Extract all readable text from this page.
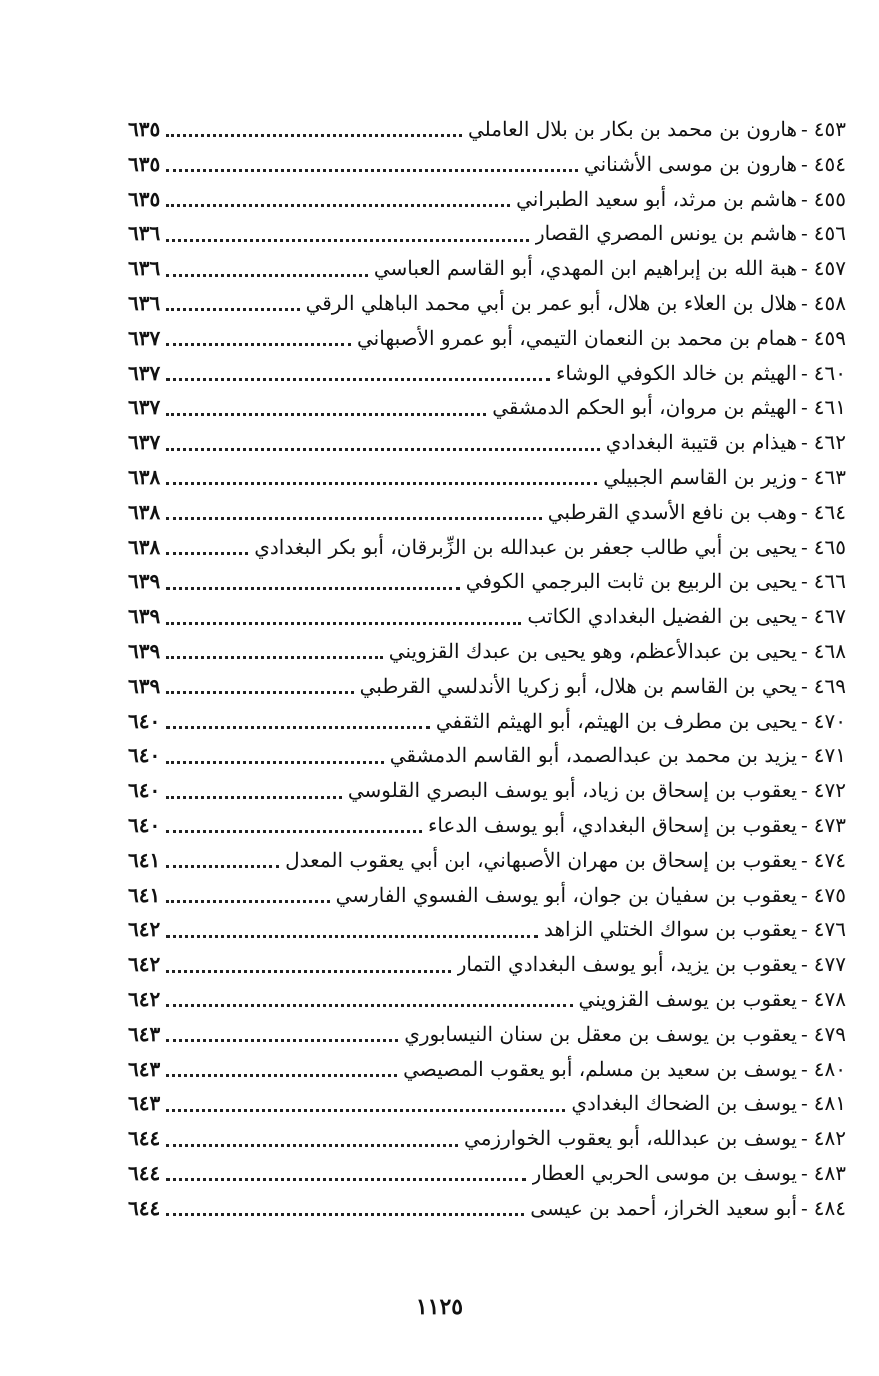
٤٥٣
-
هارون بن محمد بن بكار بن بلال العاملي
٦٣٥
٤٥٤
-
هارون بن موسى الأشناني
٦٣٥
٤٥٥
-
هاشم بن مرثد، أبو سعيد الطبراني
٦٣٥
٤٥٦
-
هاشم بن يونس المصري القصار
٦٣٦
٤٥٧
-
هبة الله بن إبراهيم ابن المهدي، أبو القاسم العباسي
٦٣٦
٤٥٨
-
هلال بن العلاء بن هلال، أبو عمر بن أبي محمد الباهلي الرقي
٦٣٦
٤٥٩
-
همام بن محمد بن النعمان التيمي، أبو عمرو الأصبهاني
٦٣٧
٤٦٠
-
الهيثم بن خالد الكوفي الوشاء
٦٣٧
٤٦١
-
الهيثم بن مروان، أبو الحكم الدمشقي
٦٣٧
٤٦٢
-
هيذام بن قتيبة البغدادي
٦٣٧
٤٦٣
-
وزير بن القاسم الجبيلي
٦٣٨
٤٦٤
-
وهب بن نافع الأسدي القرطبي
٦٣٨
٤٦٥
-
يحيى بن أبي طالب جعفر بن عبدالله بن الزِّبرقان، أبو بكر البغدادي
٦٣٨
٤٦٦
-
يحيى بن الربيع بن ثابت البرجمي الكوفي
٦٣٩
٤٦٧
-
يحيى بن الفضيل البغدادي الكاتب
٦٣٩
٤٦٨
-
يحيى بن عبدالأعظم، وهو يحيى بن عبدك القزويني
٦٣٩
٤٦٩
-
يحي بن القاسم بن هلال، أبو زكريا الأندلسي القرطبي
٦٣٩
٤٧٠
-
يحيى بن مطرف بن الهيثم، أبو الهيثم الثقفي
٦٤٠
٤٧١
-
يزيد بن محمد بن عبدالصمد، أبو القاسم الدمشقي
٦٤٠
٤٧٢
-
يعقوب بن إسحاق بن زياد، أبو يوسف البصري القلوسي
٦٤٠
٤٧٣
-
يعقوب بن إسحاق البغدادي، أبو يوسف الدعاء
٦٤٠
٤٧٤
-
يعقوب بن إسحاق بن مهران الأصبهاني، ابن أبي يعقوب المعدل
٦٤١
٤٧٥
-
يعقوب بن سفيان بن جوان، أبو يوسف الفسوي الفارسي
٦٤١
٤٧٦
-
يعقوب بن سواك الختلي الزاهد
٦٤٢
٤٧٧
-
يعقوب بن يزيد، أبو يوسف البغدادي التمار
٦٤٢
٤٧٨
-
يعقوب بن يوسف القزويني
٦٤٢
٤٧٩
-
يعقوب بن يوسف بن معقل بن سنان النيسابوري
٦٤٣
٤٨٠
-
يوسف بن سعيد بن مسلم، أبو يعقوب المصيصي
٦٤٣
٤٨١
-
يوسف بن الضحاك البغدادي
٦٤٣
٤٨٢
-
يوسف بن عبدالله، أبو يعقوب الخوارزمي
٦٤٤
٤٨٣
-
يوسف بن موسى الحربي العطار
٦٤٤
٤٨٤
-
أبو سعيد الخراز، أحمد بن عيسى
٦٤٤
١١٢٥
